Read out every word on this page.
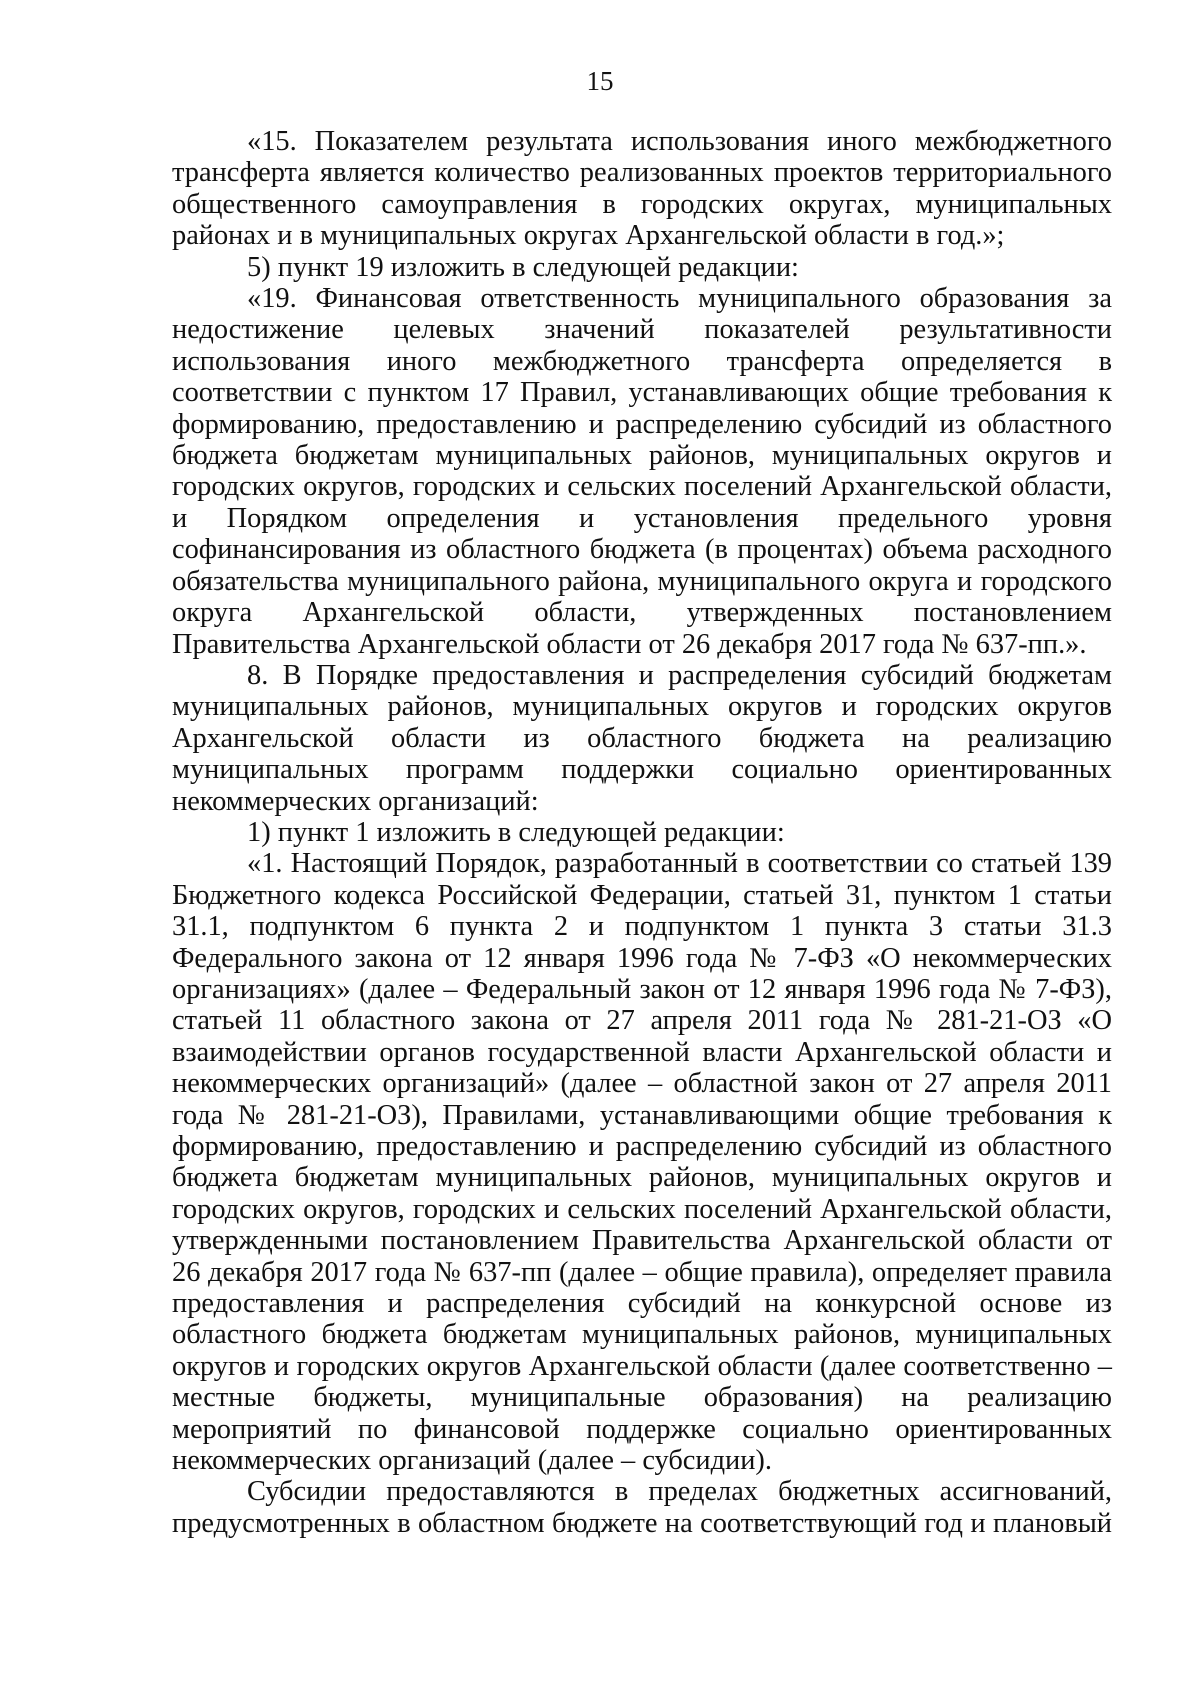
15

«15. Показателем результата использования иного межбюджетного трансферта является количество реализованных проектов территориального общественного самоуправления в городских округах, муниципальных районах и в муниципальных округах Архангельской области в год.»;

5) пункт 19 изложить в следующей редакции:

«19. Финансовая ответственность муниципального образования за недостижение целевых значений показателей результативности использования иного межбюджетного трансферта определяется в соответствии с пунктом 17 Правил, устанавливающих общие требования к формированию, предоставлению и распределению субсидий из областного бюджета бюджетам муниципальных районов, муниципальных округов и городских округов, городских и сельских поселений Архангельской области, и Порядком определения и установления предельного уровня софинансирования из областного бюджета (в процентах) объема расходного обязательства муниципального района, муниципального округа и городского округа Архангельской области, утвержденных постановлением Правительства Архангельской области от 26 декабря 2017 года № 637-пп.».

8. В Порядке предоставления и распределения субсидий бюджетам муниципальных районов, муниципальных округов и городских округов Архангельской области из областного бюджета на реализацию муниципальных программ поддержки социально ориентированных некоммерческих организаций:

1) пункт 1 изложить в следующей редакции:

«1. Настоящий Порядок, разработанный в соответствии со статьей 139 Бюджетного кодекса Российской Федерации, статьей 31, пунктом 1 статьи 31.1, подпунктом 6 пункта 2 и подпунктом 1 пункта 3 статьи 31.3 Федерального закона от 12 января 1996 года № 7-ФЗ «О некоммерческих организациях» (далее – Федеральный закон от 12 января 1996 года № 7-ФЗ), статьей 11 областного закона от 27 апреля 2011 года № 281-21-ОЗ «О взаимодействии органов государственной власти Архангельской области и некоммерческих организаций» (далее – областной закон от 27 апреля 2011 года № 281-21-ОЗ), Правилами, устанавливающими общие требования к формированию, предоставлению и распределению субсидий из областного бюджета бюджетам муниципальных районов, муниципальных округов и городских округов, городских и сельских поселений Архангельской области, утвержденными постановлением Правительства Архангельской области от 26 декабря 2017 года № 637-пп (далее – общие правила), определяет правила предоставления и распределения субсидий на конкурсной основе из областного бюджета бюджетам муниципальных районов, муниципальных округов и городских округов Архангельской области (далее соответственно – местные бюджеты, муниципальные образования) на реализацию мероприятий по финансовой поддержке социально ориентированных некоммерческих организаций (далее – субсидии).

Субсидии предоставляются в пределах бюджетных ассигнований, предусмотренных в областном бюджете на соответствующий год и плановый
